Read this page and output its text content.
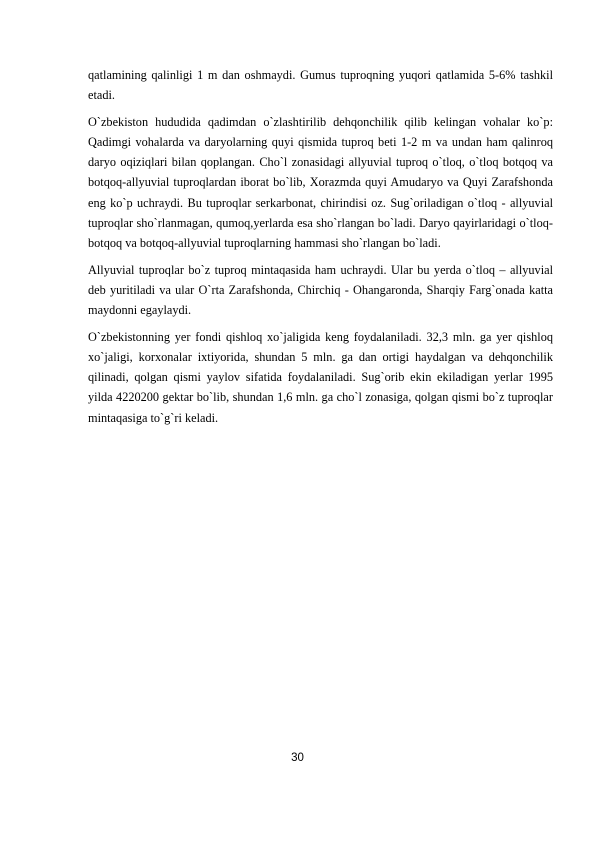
qatlamining qalinligi 1 m dan oshmaydi. Gumus tuproqning yuqori qatlamida 5-6% tashkil etadi.

O`zbekiston hududida qadimdan o`zlashtirilib dehqonchilik qilib kelingan vohalar ko`p: Qadimgi vohalarda va daryolarning quyi qismida tuproq beti 1-2 m va undan ham qalinroq daryo oqiziqlari bilan qoplangan. Cho`l zonasidagi allyuvial tuproq o`tloq, o`tloq botqoq va botqoq-allyuvial tuproqlardan iborat bo`lib, Xorazmda quyi Amudaryo va Quyi Zarafshonda eng ko`p uchraydi. Bu tuproqlar serkarbonat, chirindisi oz. Sug`oriladigan o`tloq - allyuvial tuproqlar sho`rlanmagan, qumoq,yerlarda esa sho`rlangan bo`ladi. Daryo qayirlaridagi o`tloq-botqoq va botqoq-allyuvial tuproqlarning hammasi sho`rlangan bo`ladi.

Allyuvial tuproqlar bo`z tuproq mintaqasida ham uchraydi. Ular bu yerda o`tloq – allyuvial deb yuritiladi va ular O`rta Zarafshonda, Chirchiq - Ohangaronda, Sharqiy Farg`onada katta maydonni egaylaydi.

O`zbekistonning yer fondi qishloq xo`jaligida keng foydalaniladi. 32,3 mln. ga yer qishloq xo`jaligi, korxonalar ixtiyorida, shundan 5 mln. ga dan ortigi haydalgan va dehqonchilik qilinadi, qolgan qismi yaylov sifatida foydalaniladi. Sug`orib ekin ekiladigan yerlar 1995 yilda 4220200 gektar bo`lib, shundan 1,6 mln. ga cho`l zonasiga, qolgan qismi bo`z tuproqlar mintaqasiga to`g`ri keladi.

30
